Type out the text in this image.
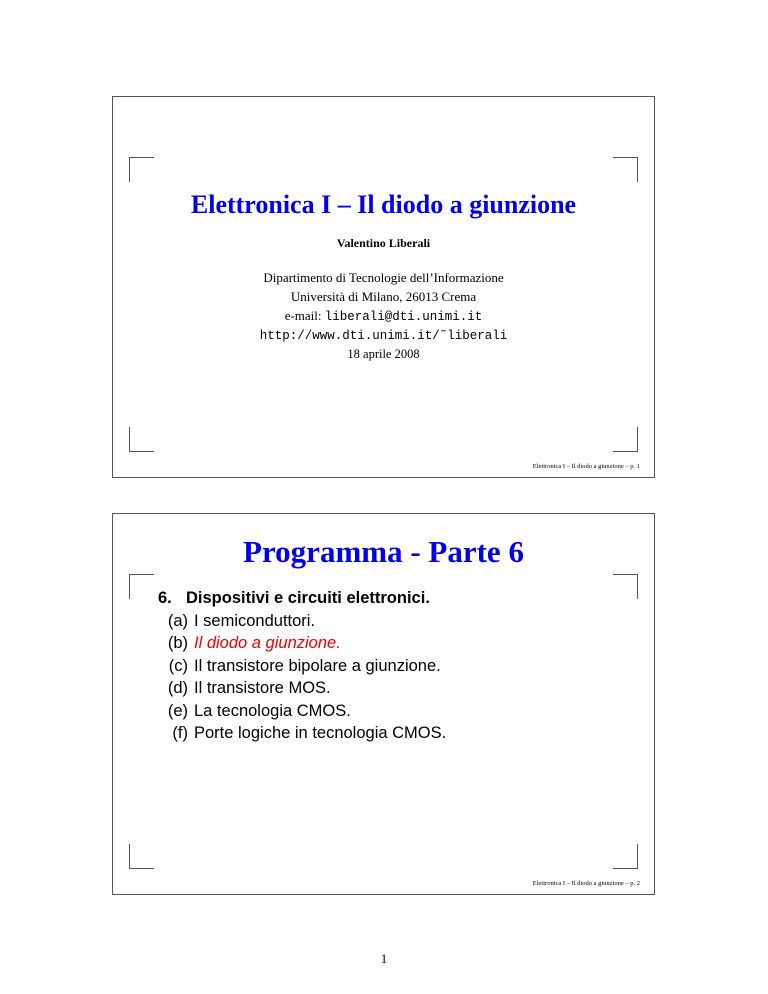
Elettronica I – Il diodo a giunzione
Valentino Liberali
Dipartimento di Tecnologie dell’Informazione
Università di Milano, 26013 Crema
e-mail: liberali@dti.unimi.it
http://www.dti.unimi.it/˜liberali
18 aprile 2008
Elettronica I – Il diodo a giunzione – p. 1
Programma - Parte 6
6. Dispositivi e circuiti elettronici.
(a) I semiconduttori.
(b) Il diodo a giunzione.
(c) Il transistore bipolare a giunzione.
(d) Il transistore MOS.
(e) La tecnologia CMOS.
(f) Porte logiche in tecnologia CMOS.
Elettronica I – Il diodo a giunzione – p. 2
1
